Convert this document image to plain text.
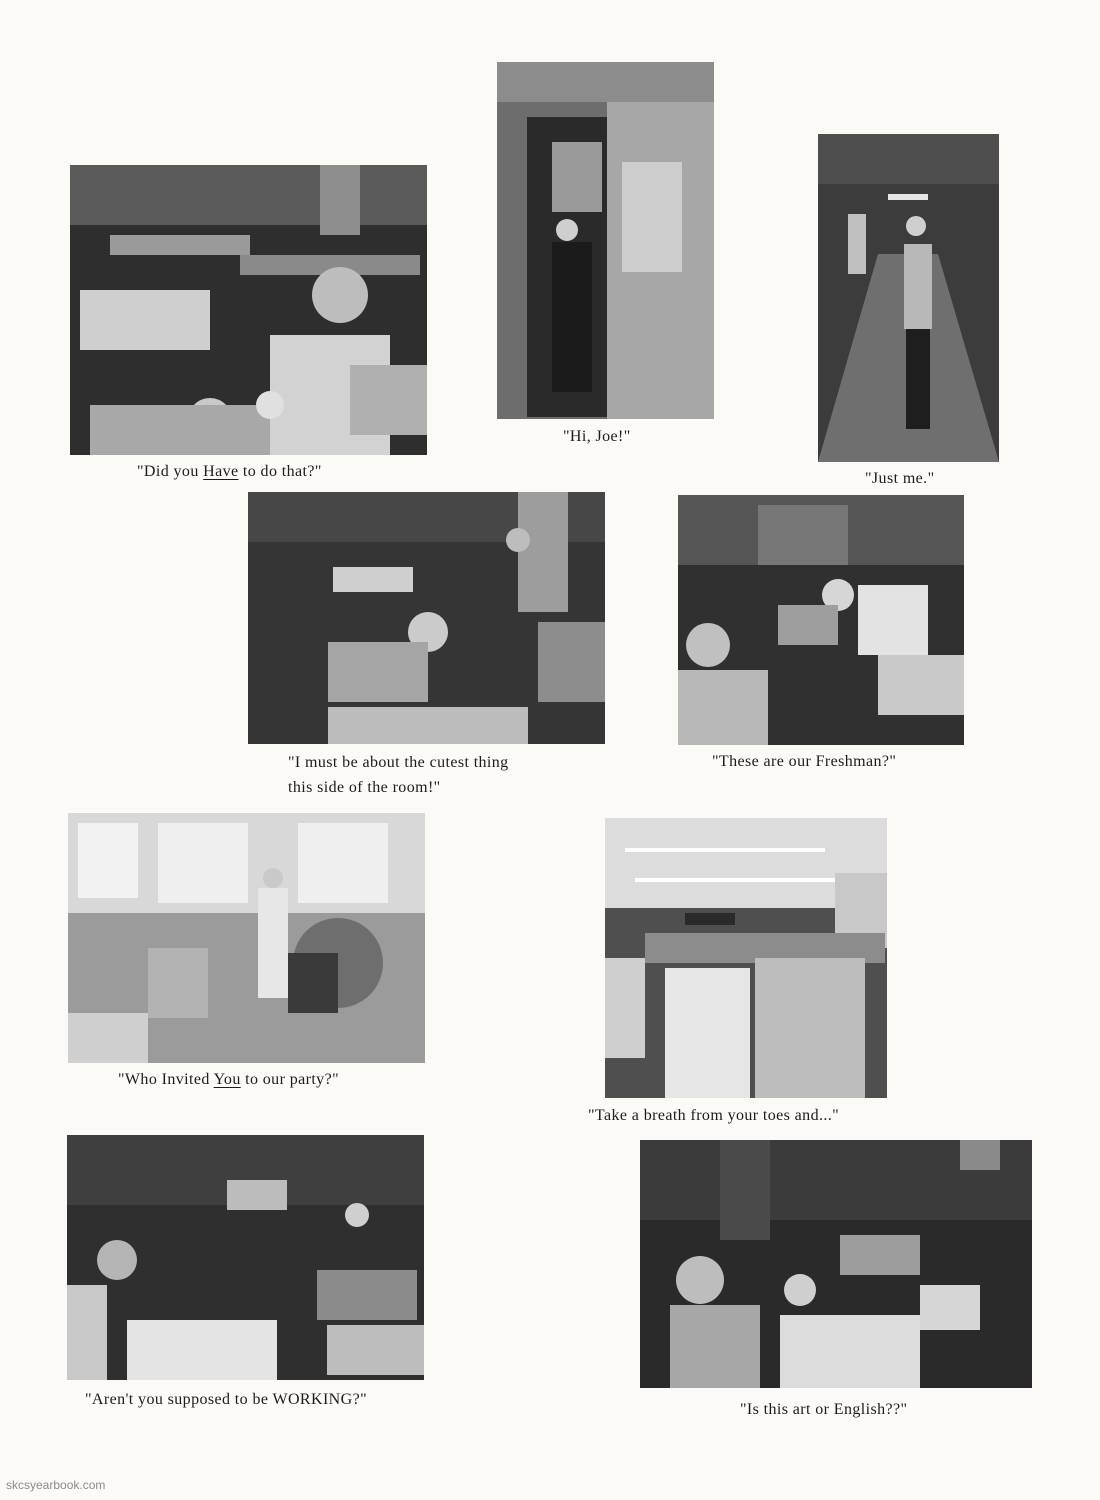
"Did you Have to do that?"
"Hi, Joe!"
"Just me."
"I must be about the cutest thing
this side of the room!"
"These are our Freshman?"
"Who Invited You to our party?"
"Take a breath from your toes and..."
"Aren't you supposed to be WORKING?"
"Is this art or English??"
skcsyearbook.com
